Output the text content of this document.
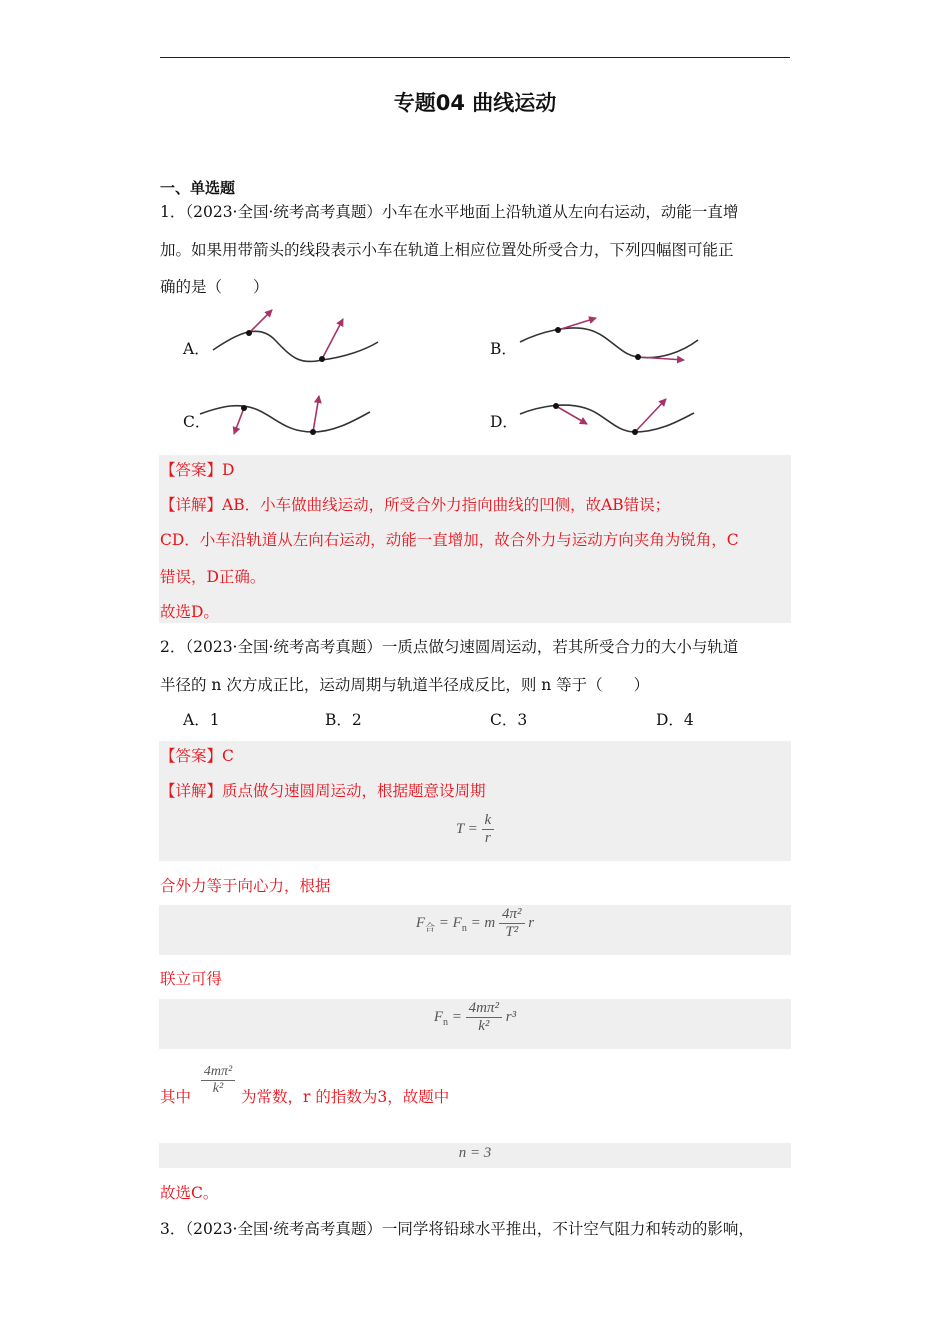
专题04 曲线运动
一、单选题
1．（2023·全国·统考高考真题）小车在水平地面上沿轨道从左向右运动，动能一直增
加。如果用带箭头的线段表示小车在轨道上相应位置处所受合力，下列四幅图可能正
确的是（　　）
A．	B．
C．	D．
【答案】D
【详解】AB．小车做曲线运动，所受合外力指向曲线的凹侧，故AB错误；
CD．小车沿轨道从左向右运动，动能一直增加，故合外力与运动方向夹角为锐角，C
错误，D正确。
故选D。
2．（2023·全国·统考高考真题）一质点做匀速圆周运动，若其所受合力的大小与轨道
半径的 n 次方成正比，运动周期与轨道半径成反比，则 n 等于（　　）
A．1	B．2	C．3	D．4
【答案】C
【详解】质点做匀速圆周运动，根据题意设周期
$T = \frac{k}{r}$
合外力等于向心力，根据
$F_合 = F_n = m \frac{\text{4π²}}{\text{T²}}$ r
联立可得
$F_n = \frac{\text{4mπ²}}{\text{k²}} r^3$
其中 $\frac{\text{4mπ²}}{\text{k²}}$ 为常数，r 的指数为3，故题中
n = 3
故选C。
3．（2023·全国·统考高考真题）一同学将铅球水平推出，不计空气阻力和转动的影响，
